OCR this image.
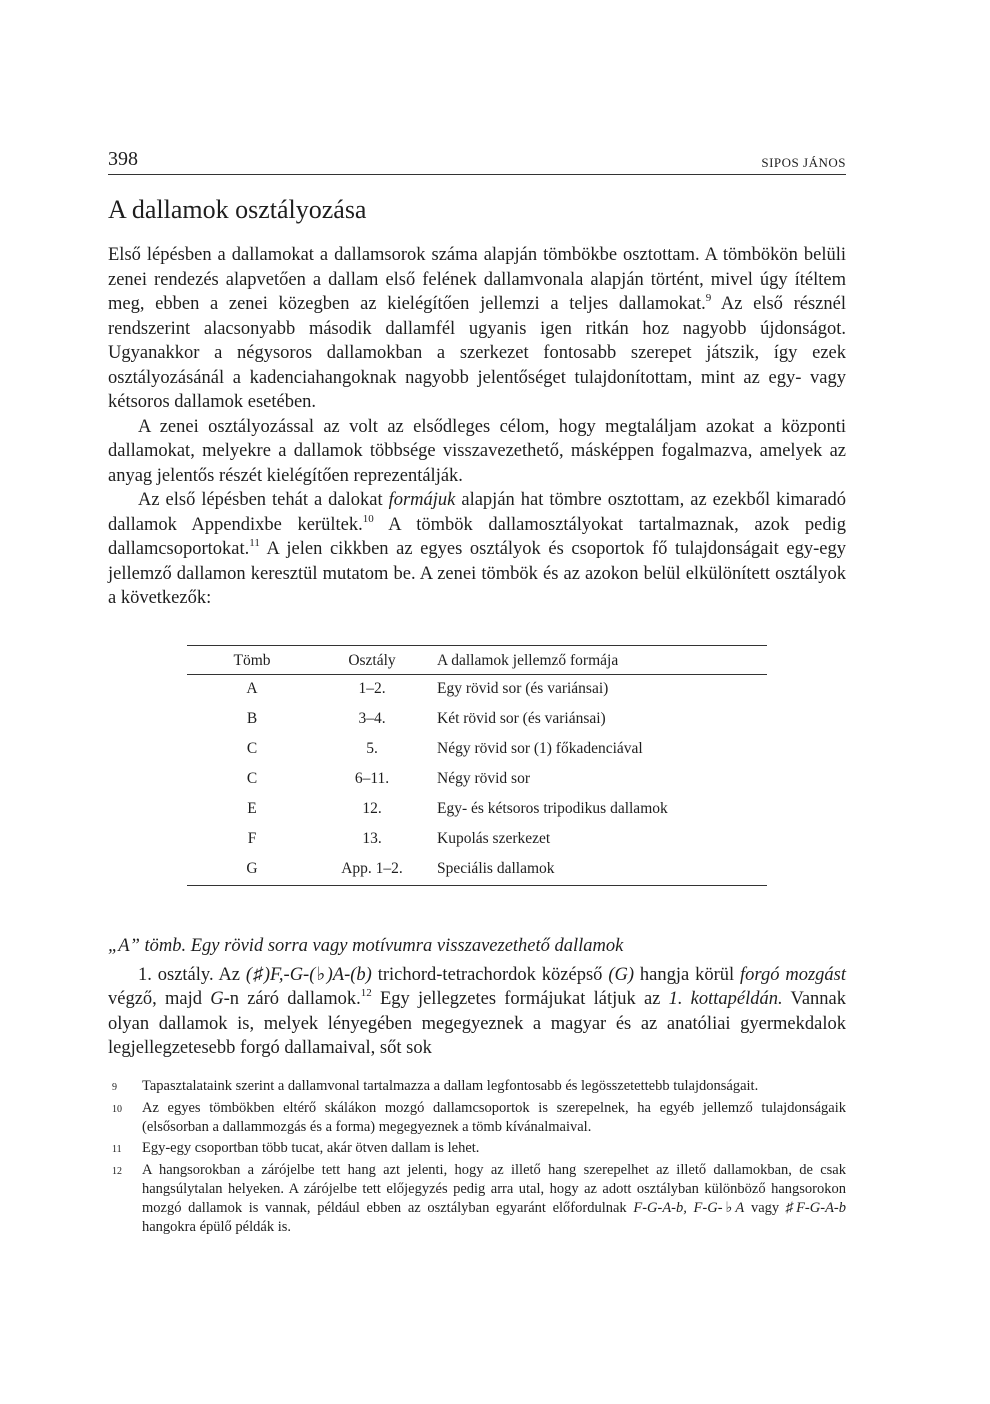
398	SIPOS JÁNOS
A dallamok osztályozása

Első lépésben a dallamokat a dallamsorok száma alapján tömbökbe osztottam. A tömbökön belüli zenei rendezés alapvetően a dallam első felének dallamvonala alapján történt, mivel úgy ítéltem meg, ebben a zenei közegben az kielégítően jellemzi a teljes dallamokat.$^9$ Az első résznél rendszerint alacsonyabb második dallamfél ugyanis igen ritkán hoz nagyobb újdonságot. Ugyanakkor a négysoros dallamokban a szerkezet fontosabb szerepet játszik, így ezek osztályozásánál a kadenciahangoknak nagyobb jelentőséget tulajdonítottam, mint az egy- vagy kétsoros dallamok esetében.

A zenei osztályozással az volt az elsődleges célom, hogy megtaláljam azokat a központi dallamokat, melyekre a dallamok többsége visszavezethető, másképpen fogalmazva, amelyek az anyag jelentős részét kielégítően reprezentálják.

Az első lépésben tehát a dalokat formájuk alapján hat tömbre osztottam, az ezekből kimaradó dallamok Appendixbe kerültek.$^{10}$ A tömbök dallamosztályokat tartalmaznak, azok pedig dallamcsoportokat.$^{11}$ A jelen cikkben az egyes osztályok és csoportok fő tulajdonságait egy-egy jellemző dallamon keresztül mutatom be. A zenei tömbök és az azokon belül elkülönített osztályok a következők:

Tömb	Osztály	A dallamok jellemző formája
A	1–2.	Egy rövid sor (és variánsai)
B	3–4.	Két rövid sor (és variánsai)
C	5.	Négy rövid sor (1) főkadenciával
C	6–11.	Négy rövid sor
E	12.	Egy- és kétsoros tripodikus dallamok
F	13.	Kupolás szerkezet
G	App. 1–2.	Speciális dallamok
„A” tömb. Egy rövid sorra vagy motívumra visszavezethető dallamok

1. osztály. Az (♯)F,-G-(♭)A-(b) trichord-tetrachordok középső (G) hangja körül forgó mozgást végző, majd G-n záró dallamok.$^{12}$ Egy jellegzetes formájukat látjuk az 1. kottapéldán. Vannak olyan dallamok is, melyek lényegében megegyeznek a magyar és az anatóliai gyermekdalok legjellegzetesebb forgó dallamaival, sőt sok

9	Tapasztalataink szerint a dallamvonal tartalmazza a dallam legfontosabb és legösszetettebb tulajdonságait.
10	Az egyes tömbökben eltérő skálákon mozgó dallamcsoportok is szerepelnek, ha egyéb jellemző tulajdonságaik (elsősorban a dallammozgás és a forma) megegyeznek a tömb kívánalmaival.
11	Egy-egy csoportban több tucat, akár ötven dallam is lehet.
12	A hangsorokban a zárójelbe tett hang azt jelenti, hogy az illető hang szerepelhet az illető dallamokban, de csak hangsúlytalan helyeken. A zárójelbe tett előjegyzés pedig arra utal, hogy az adott osztályban különböző hangsorokon mozgó dallamok is vannak, például ebben az osztályban egyaránt előfordulnak F-G-A-b, F-G-♭A vagy ♯F-G-A-b hangokra épülő példák is.
